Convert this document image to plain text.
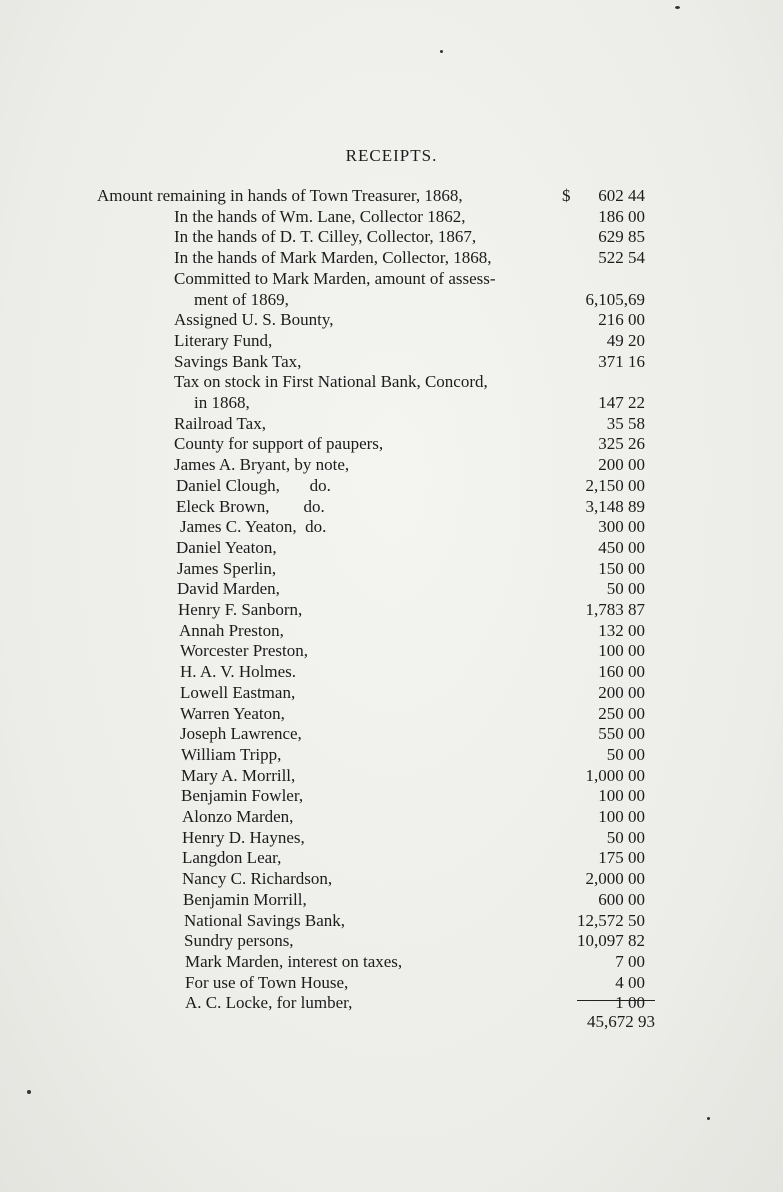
RECEIPTS.
Amount remaining in hands of Town Treasurer, 1868,	$ 602 44
In the hands of Wm. Lane, Collector 1862,	186 00
In the hands of D. T. Cilley, Collector, 1867,	629 85
In the hands of Mark Marden, Collector, 1868,	522 54
Committed to Mark Marden, amount of assess-
ment of 1869,	6,105,69
Assigned U. S. Bounty,	216 00
Literary Fund,	49 20
Savings Bank Tax,	371 16
Tax on stock in First National Bank, Concord,
in 1868,	147 22
Railroad Tax,	35 58
County for support of paupers,	325 26
James A. Bryant, by note,	200 00
Daniel Clough,       do.	2,150 00
Eleck Brown,        do.	3,148 89
James C. Yeaton,  do.	300 00
Daniel Yeaton,	450 00
James Sperlin,	150 00
David Marden,	50 00
Henry F. Sanborn,	1,783 87
Annah Preston,	132 00
Worcester Preston,	100 00
H. A. V. Holmes.	160 00
Lowell Eastman,	200 00
Warren Yeaton,	250 00
Joseph Lawrence,	550 00
William Tripp,	50 00
Mary A. Morrill,	1,000 00
Benjamin Fowler,	100 00
Alonzo Marden,	100 00
Henry D. Haynes,	50 00
Langdon Lear,	175 00
Nancy C. Richardson,	2,000 00
Benjamin Morrill,	600 00
National Savings Bank,	12,572 50
Sundry persons,	10,097 82
Mark Marden, interest on taxes,	7 00
For use of Town House,	4 00
A. C. Locke, for lumber,	1 00
45,672 93
